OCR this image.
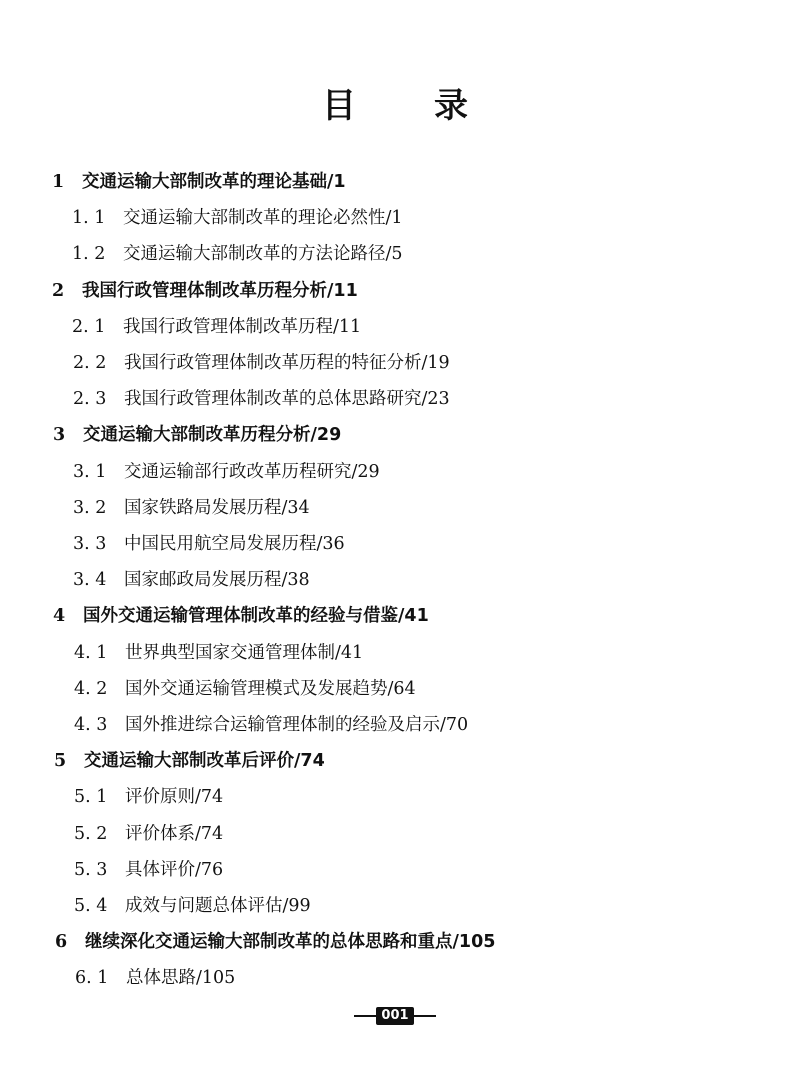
目 录
1 交通运输大部制改革的理论基础/1
1. 1 交通运输大部制改革的理论必然性/1
1. 2 交通运输大部制改革的方法论路径/5
2 我国行政管理体制改革历程分析/11
2. 1 我国行政管理体制改革历程/11
2. 2 我国行政管理体制改革历程的特征分析/19
2. 3 我国行政管理体制改革的总体思路研究/23
3 交通运输大部制改革历程分析/29
3. 1 交通运输部行政改革历程研究/29
3. 2 国家铁路局发展历程/34
3. 3 中国民用航空局发展历程/36
3. 4 国家邮政局发展历程/38
4 国外交通运输管理体制改革的经验与借鉴/41
4. 1 世界典型国家交通管理体制/41
4. 2 国外交通运输管理模式及发展趋势/64
4. 3 国外推进综合运输管理体制的经验及启示/70
5 交通运输大部制改革后评价/74
5. 1 评价原则/74
5. 2 评价体系/74
5. 3 具体评价/76
5. 4 成效与问题总体评估/99
6 继续深化交通运输大部制改革的总体思路和重点/105
6. 1 总体思路/105
001
